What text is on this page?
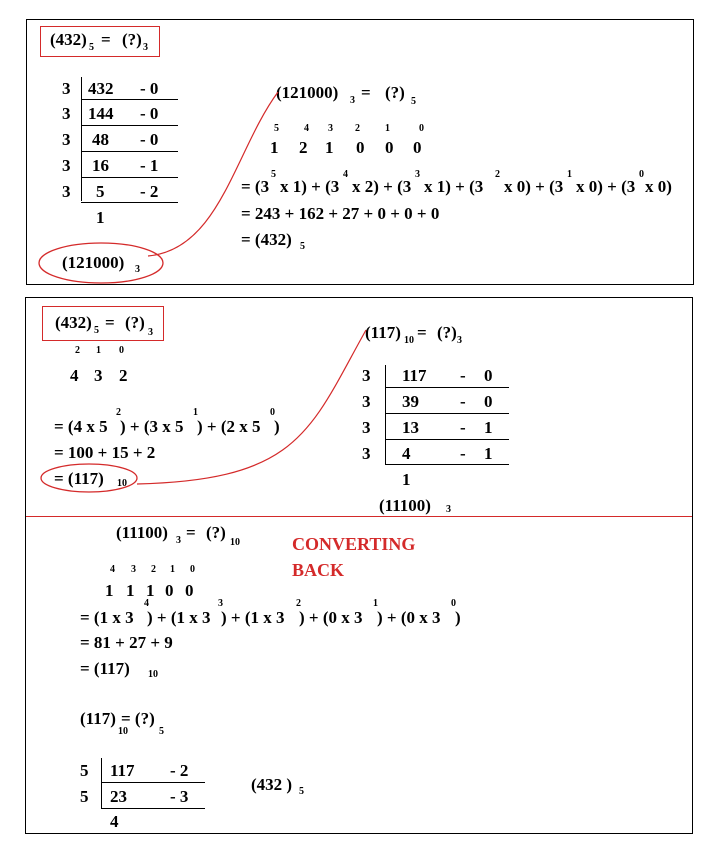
(432) 5 = (?) 3
3 432 - 0
3 144 - 0
3 48 - 0
3 16 - 1
3 5 - 2
1
(121000) 3
(121000) 3 = (?) 5
5	4 3 2	1	0
1 2 1 0 0 0
= (3
5
x 1) + (3
4
x 2) + (3
3
x 1) + (3
2
x 0) + (3
1
x 0) + (3
0
x 0)
= 243 + 162 + 27 + 0 + 0 + 0
= (432) 5
(432) 5 = (?)
3
2 1 0
4 3 2
= (4 x 5
2
) + (3 x 5
1
) + (2 x 5
0
)
= 100 + 15 + 2
= (117) 10
(117) 10 = (?) 3
3 117 - 0
3 39 - 0
3 13 - 1
3 4	- 1
1
(11100) 3
(11100) 3 = (?)
10	CONVERTING
BACK
4 3 2 1 0
1 1 1 0 0
= (1 x 3
4
) + (1 x 3
3
) + (1 x 3
2
) + (0 x 3
1
) + (0 x 3
0
)
= 81 + 27 + 9
= (117) 10
(117)
10
= (?)
5
5 117 - 2
5 23	- 3
4
(432 ) 5
